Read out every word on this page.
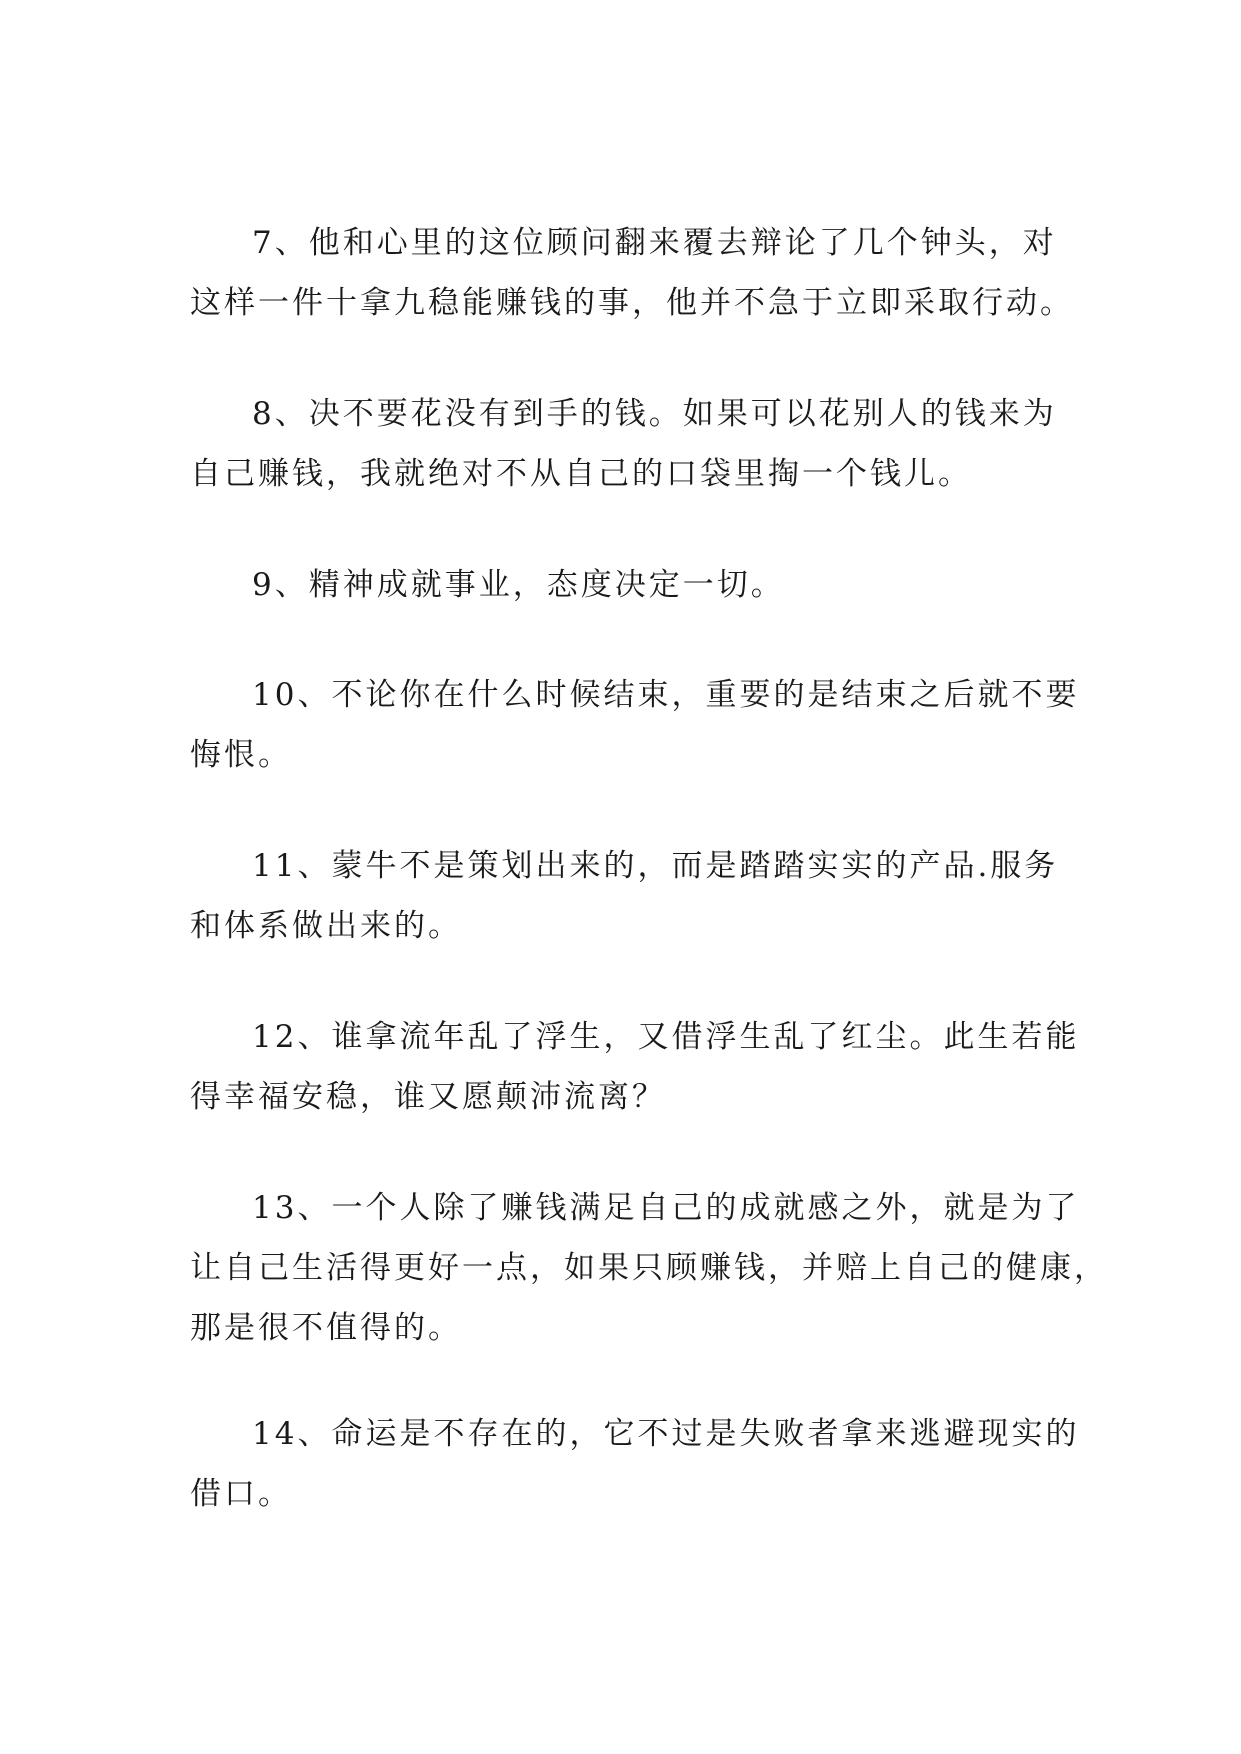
7、他和心里的这位顾问翻来覆去辩论了几个钟头，对
这样一件十拿九稳能赚钱的事，他并不急于立即采取行动。
8、决不要花没有到手的钱。如果可以花别人的钱来为
自己赚钱，我就绝对不从自己的口袋里掏一个钱儿。
9、精神成就事业，态度决定一切。
10、不论你在什么时候结束，重要的是结束之后就不要
悔恨。
11、蒙牛不是策划出来的，而是踏踏实实的产品.服务
和体系做出来的。
12、谁拿流年乱了浮生，又借浮生乱了红尘。此生若能
得幸福安稳，谁又愿颠沛流离？
13、一个人除了赚钱满足自己的成就感之外，就是为了
让自己生活得更好一点，如果只顾赚钱，并赔上自己的健康，
那是很不值得的。
14、命运是不存在的，它不过是失败者拿来逃避现实的
借口。
